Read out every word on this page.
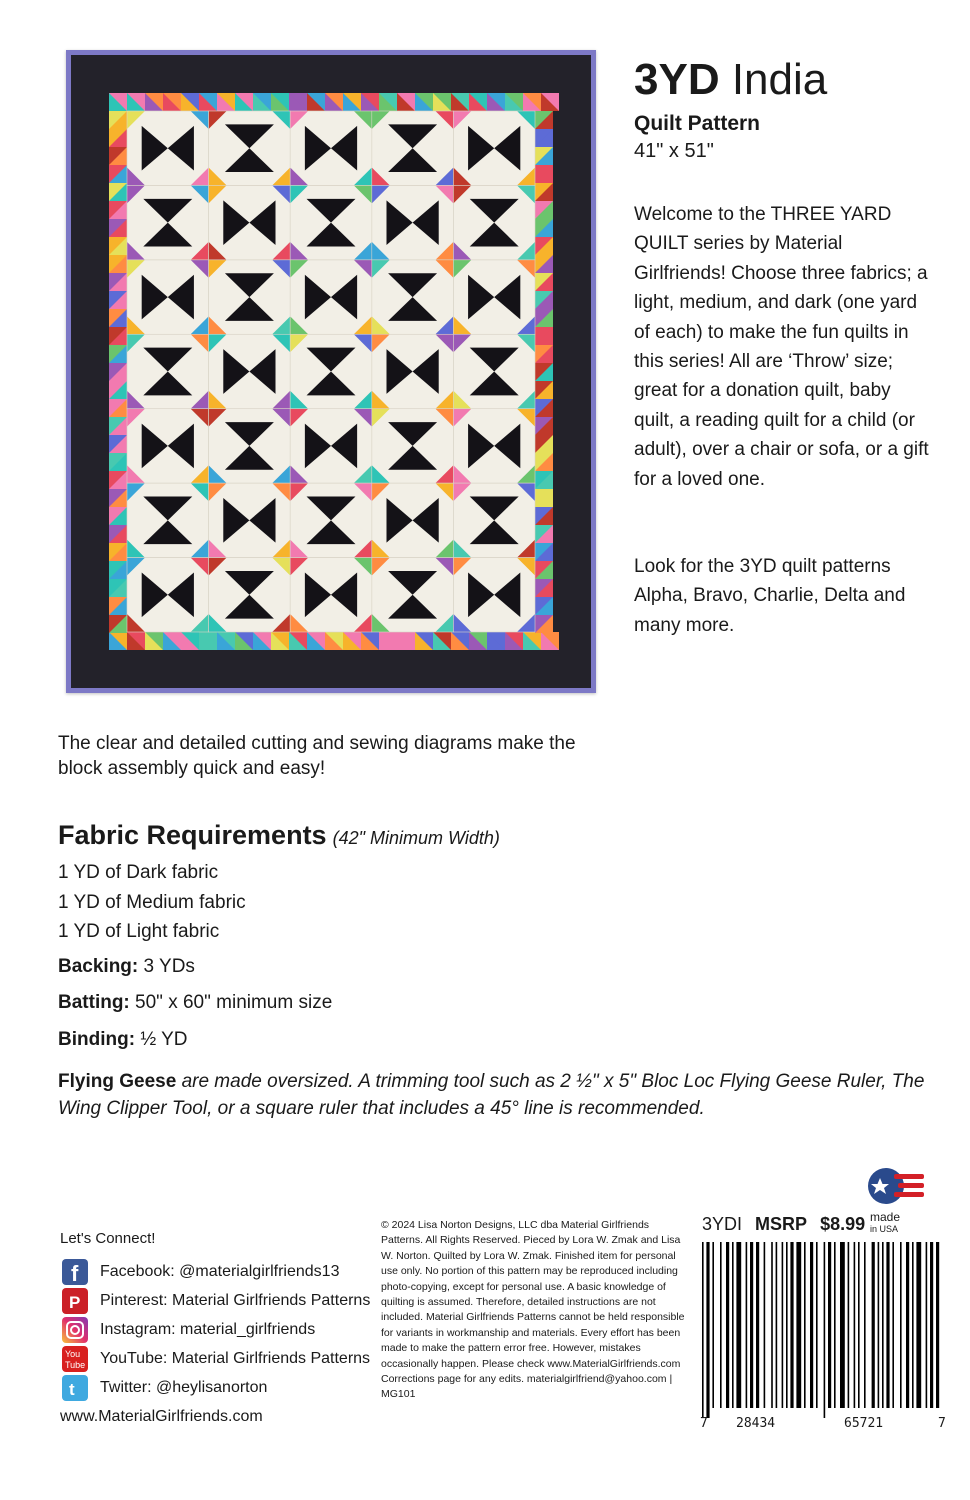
3YD India
Quilt Pattern
41" x 51"
Welcome to the THREE YARD QUILT series by Material Girlfriends! Choose three fabrics; a light, medium, and dark (one yard of each) to make the fun quilts in this series! All are ‘Throw’ size; great for a donation quilt, baby quilt, a reading quilt for a child (or adult), over a chair or sofa, or a gift for a loved one.
Look for the 3YD quilt patterns Alpha, Bravo, Charlie, Delta and many more.
The clear and detailed cutting and sewing diagrams make the block assembly quick and easy!
Fabric Requirements (42" Minimum Width)
1 YD of Dark fabric
1 YD of Medium fabric
1 YD of Light fabric
Backing: 3 YDs
Batting: 50" x 60" minimum size
Binding: ½ YD
Flying Geese are made oversized. A trimming tool such as 2 ½" x 5" Bloc Loc Flying Geese Ruler, The Wing Clipper Tool, or a square ruler that includes a 45° line is recommended.
Let's Connect!
f Facebook: @materialgirlfriends13
P Pinterest: Material Girlfriends Patterns
Instagram: material_girlfriends
You
Tube YouTube: Material Girlfriends Patterns
t Twitter: @heylisanorton
www.MaterialGirlfriends.com
© 2024 Lisa Norton Designs, LLC dba Material Girlfriends Patterns. All Rights Reserved. Pieced by Lora W. Zmak and Lisa W. Norton. Quilted by Lora W. Zmak. Finished item for personal use only. No portion of this pattern may be reproduced including photo-copying, except for personal use. A basic knowledge of quilting is assumed. Therefore, detailed instructions are not included. Material Girlfriends Patterns cannot be held responsible for variants in workmanship and materials. Every effort has been made to make the pattern error free. However, mistakes occasionally happen. Please check www.MaterialGirlfriends.com Corrections page for any edits. materialgirlfriend@yahoo.com | MG101
made
in USA
3YDI MSRP $8.99
7 28434	65721	7
